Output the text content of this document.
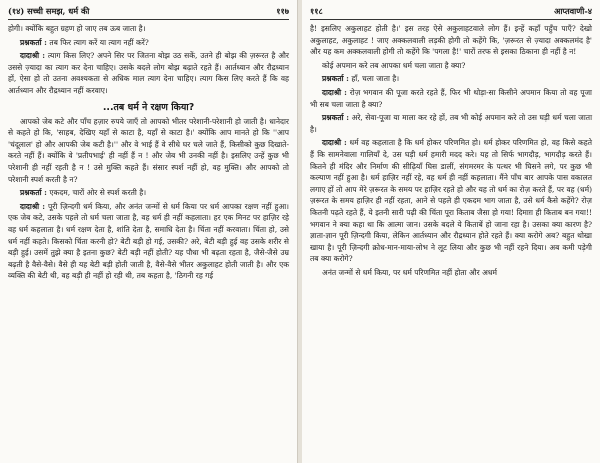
(१४) सच्ची समझ, धर्म की	११७

होगी। क्योंकि बहुत ग्रहण हो जाए तब ऊब जाता है।

प्रश्नकर्ता : तब फिर त्याग करें या त्याग नहीं करें?

दादाश्री : त्याग किस लिए? अपने सिर पर जितना बोझ उठ सकें, उतने ही बोझ की ज़रूरत है और उससे ज़्यादा का त्याग कर देना चाहिए। उसके बदले लोग बोझ बढ़ाते रहते हैं। आर्तध्यान और रौद्रध्यान हों, ऐसा हो तो उतना अवश्यकता से अधिक माल त्याग देना चाहिए। त्याग किस लिए करते हैं कि वह आर्तध्यान और रौद्रध्यान नहीं करवाए।

...तब धर्म ने रक्षण किया?

आपको जेब कटे और पाँच हज़ार रुपये जाएँ तो आपको भीतर परेशानी-परेशानी हो जाती है। धानेदार से कहते हो कि, 'साहब, देखिए यहाँ से काटा है, यहाँ से काटा है।' क्योंकि आप मानते हो कि ''आप 'चंदूलाल' हो और आपकी जेब कटी है।'' और वे भाई हैं वे सीधे घर चले जाते हैं, किसीको कुछ दिखाते-करते नहीं हैं। क्योंकि वे 'प्रतीपभाई' ही नहीं हैं न ! और जेब भी उनकी नहीं है। इसलिए उन्हें कुछ भी परेशानी ही नहीं रहती है न ! उसे मुक्ति कहते हैं। संसार स्पर्श नहीं हो, वह मुक्ति। और आपको तो परेशानी स्पर्श करती है न?

प्रश्नकर्ता : एकदम, चारों ओर से स्पर्श करती है।

दादाश्री : पूरी ज़िन्दगी धर्म किया, और अनंत जन्मों से धर्म किया पर धर्म आपका रक्षण नहीं हुआ। एक जेब कटे, उसके पहले तो धर्म चला जाता है, वह धर्म ही नहीं कहलाता। हर एक मिनट पर हाज़िर रहे वह धर्म कहलाता है। धर्म रक्षण देता है, शांति देता है, समाधि देता है। चिंता नहीं करवाता। चिंता हो, उसे धर्म नहीं कहते। किसको चिंता करनी हो? बेटी बड़ी हो गई, उसकी? अरे, बेटी बड़ी हुई वह उसके शरीर से बड़ी हुई। उसमें तुझे क्या है इतना कुछ? बेटी बड़ी नहीं होती? यह पौधा भी बढ़ता रहता है, जैसे-जैसे उम्र बढ़ती है वैसे-वैसे। वैसे ही यह बेटी बड़ी होती जाती है, वैसे-वैसे भीतर अकुलाहट होती जाती है। और एक व्यक्ति की बेटी थी, वह बड़ी ही नहीं हो रही थी, तब कहता है, 'ठिगनी रह गई

११८	आप्तवाणी-४

है! इसलिए अकुलाहट होती है।' इस तरह ऐसे अकुलाहटवाले लोग हैं। इन्हें कहाँ पहुँच पाएँ? देखो अकुलाहट, अकुलाहट ! जाए अक्कलवाली लड़की होगी तो कहेंगे कि, 'ज़रूरत से ज़्यादा अक्कलमंद है' और यह कम अक्कलवाली होगी तो कहेंगे कि 'पगला है!' चारों तरफ से इसका ठिकाना ही नहीं है न!

कोई अपमान करे तब आपका धर्म चला जाता है क्या?

प्रश्नकर्ता : हाँ, चला जाता है।

दादाश्री : रोज़ भगवान की पूजा करते रहते हैं, फिर भी थोड़ा-सा किसीने अपमान किया तो वह पूजा भी सब चला जाता है क्या?

प्रश्नकर्ता : अरे, सेवा-पूजा या माला कर रहे हों, तब भी कोई अपमान करे तो उस घड़ी धर्म चला जाता है।

दादाश्री : धर्म वह कहलाता है कि धर्म होकर परिणमित हो। धर्म होकर परिणमित हो, वह किसे कहते हैं कि सामनेवाला गालियाँ दे, उस घड़ी धर्म हमारी मदद करे। यह तो सिर्फ भागदौड़, भागदौड़ करते हैं। कितने ही मंदिर और निर्माण की सीढ़ियाँ घिस डालीं, संगमरमर के पत्थर भी घिसने लगे, पर कुछ भी कल्याण नहीं हुआ है। धर्म हाज़िर नहीं रहे, वह धर्म ही नहीं कहलाता। मैंने पाँच बार आपके पास वकालत लगाए हों तो आप मेरे ज़रूरत के समय पर हाज़िर रहते हो और यह तो धर्म का रोज़ करते हैं, पर वह (धर्म) ज़रूरत के समय हाज़िर ही नहीं रहता, आने से पहले ही एकदम भाग जाता है, उसे धर्म कैसे कहेंगे? रोज़ कितनी पढ़ते रहते हैं, ये इतनी सारी पढ़ी की चिंता पूरा किताब जैसा हो गया! दिमाग़ ही किताब बन गया!! भगवान ने क्या कहा था कि आत्मा जान। उसके बदले ये किताबें हो जाना रहा है। उसका क्या कारण है? ज्ञाता-ज्ञान पूरी ज़िन्दगी किया, लेकिन आर्तध्यान और रौद्रध्यान होते रहते हैं। क्या करोगे अब? बहुत थोखा खाया है। पूरी ज़िन्दगी क्रोध-मान-माया-लोभ ने लूट लिया और कुछ भी नहीं रहने दिया। अब कमी पड़ेगी तब क्या करोगे?

अनंत जन्मों से धर्म किया, पर धर्म परिणमित नहीं होता और अधर्म
